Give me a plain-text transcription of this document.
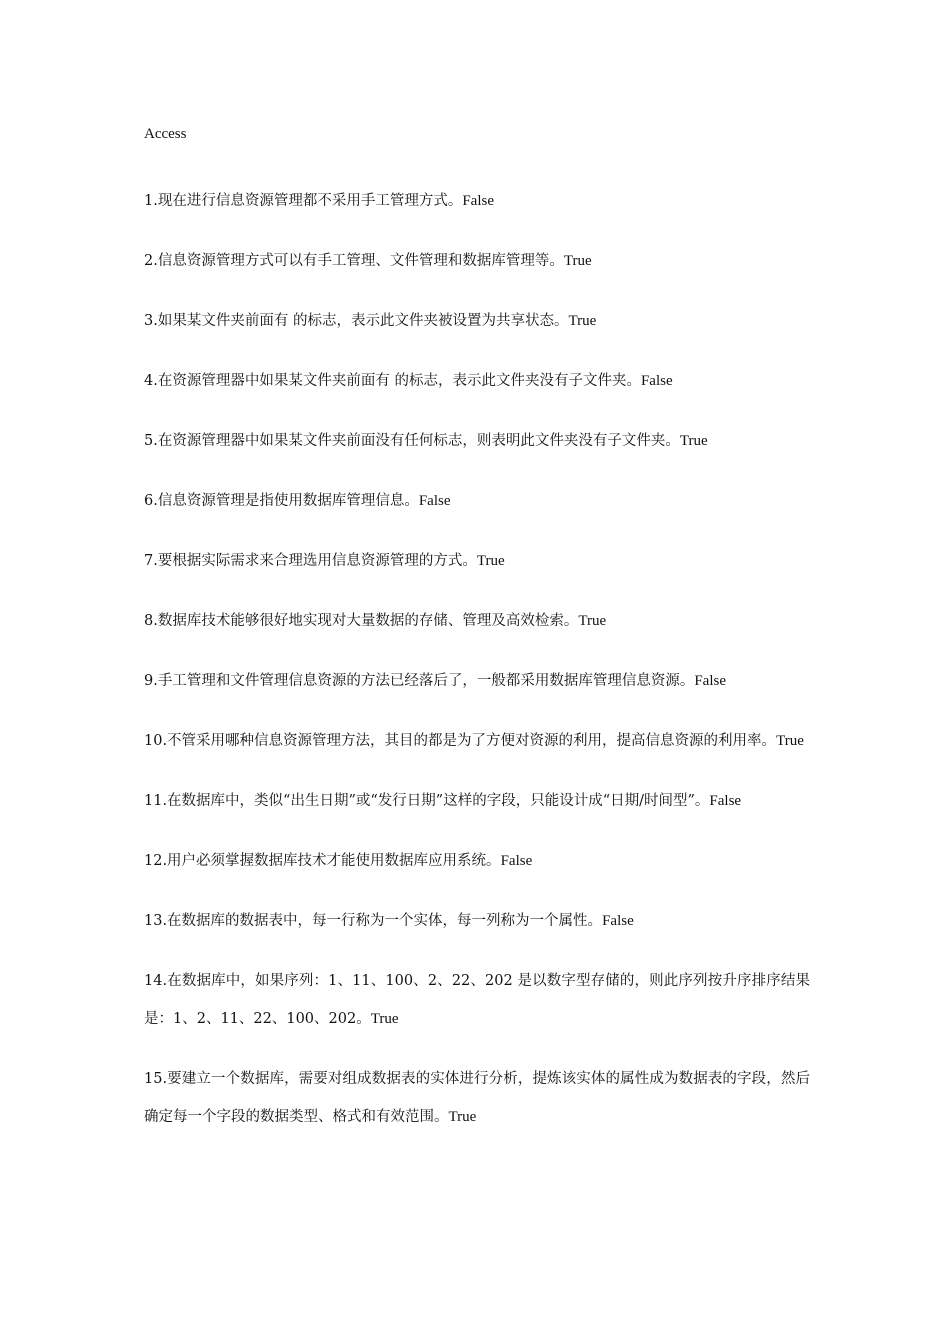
Access
1.现在进行信息资源管理都不采用手工管理方式。False
2.信息资源管理方式可以有手工管理、文件管理和数据库管理等。True
3.如果某文件夹前面有 的标志，表示此文件夹被设置为共享状态。True
4.在资源管理器中如果某文件夹前面有 的标志，表示此文件夹没有子文件夹。False
5.在资源管理器中如果某文件夹前面没有任何标志，则表明此文件夹没有子文件夹。True
6.信息资源管理是指使用数据库管理信息。False
7.要根据实际需求来合理选用信息资源管理的方式。True
8.数据库技术能够很好地实现对大量数据的存储、管理及高效检索。True
9.手工管理和文件管理信息资源的方法已经落后了，一般都采用数据库管理信息资源。False
10.不管采用哪种信息资源管理方法，其目的都是为了方便对资源的利用，提高信息资源的利用率。True
11.在数据库中，类似“出生日期”或“发行日期”这样的字段，只能设计成“日期/时间型”。False
12.用户必须掌握数据库技术才能使用数据库应用系统。False
13.在数据库的数据表中，每一行称为一个实体，每一列称为一个属性。False
14.在数据库中，如果序列：1、11、100、2、22、202 是以数字型存储的，则此序列按升序排序结果是：1、2、11、22、100、202。True
15.要建立一个数据库，需要对组成数据表的实体进行分析，提炼该实体的属性成为数据表的字段，然后确定每一个字段的数据类型、格式和有效范围。True
